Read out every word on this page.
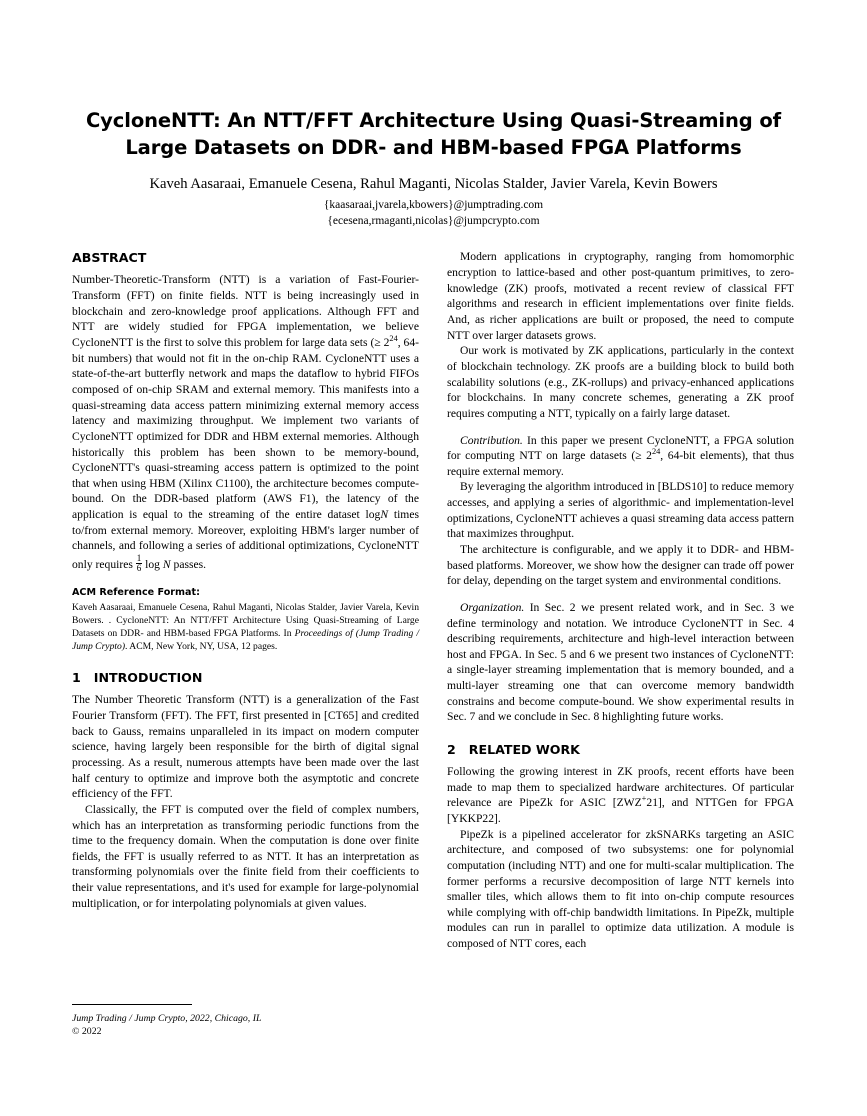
CycloneNTT: An NTT/FFT Architecture Using Quasi-Streaming of Large Datasets on DDR- and HBM-based FPGA Platforms
Kaveh Aasaraai, Emanuele Cesena, Rahul Maganti, Nicolas Stalder, Javier Varela, Kevin Bowers
{kaasaraai,jvarela,kbowers}@jumptrading.com
{ecesena,rmaganti,nicolas}@jumpcrypto.com
ABSTRACT

Number-Theoretic-Transform (NTT) is a variation of Fast-Fourier-Transform (FFT) on finite fields. NTT is being increasingly used in blockchain and zero-knowledge proof applications. Although FFT and NTT are widely studied for FPGA implementation, we believe CycloneNTT is the first to solve this problem for large data sets (≥ $2^{24}$, 64-bit numbers) that would not fit in the on-chip RAM. CycloneNTT uses a state-of-the-art butterfly network and maps the dataflow to hybrid FIFOs composed of on-chip SRAM and external memory. This manifests into a quasi-streaming data access pattern minimizing external memory access latency and maximizing throughput. We implement two variants of CycloneNTT optimized for DDR and HBM external memories. Although historically this problem has been shown to be memory-bound, CycloneNTT's quasi-streaming access pattern is optimized to the point that when using HBM (Xilinx C1100), the architecture becomes compute-bound. On the DDR-based platform (AWS F1), the latency of the application is equal to the streaming of the entire dataset logN times to/from external memory. Moreover, exploiting HBM's larger number of channels, and following a series of additional optimizations, CycloneNTT only requires $\frac{1}{6}$ log N passes.

ACM Reference Format:
Kaveh Aasaraai, Emanuele Cesena, Rahul Maganti, Nicolas Stalder, Javier Varela, Kevin Bowers. . CycloneNTT: An NTT/FFT Architecture Using Quasi-Streaming of Large Datasets on DDR- and HBM-based FPGA Platforms. In Proceedings of (Jump Trading / Jump Crypto). ACM, New York, NY, USA, 12 pages.
1 INTRODUCTION

The Number Theoretic Transform (NTT) is a generalization of the Fast Fourier Transform (FFT). The FFT, first presented in [CT65] and credited back to Gauss, remains unparalleled in its impact on modern computer science, having largely been responsible for the birth of digital signal processing. As a result, numerous attempts have been made over the last half century to optimize and improve both the asymptotic and concrete efficiency of the FFT.

Classically, the FFT is computed over the field of complex numbers, which has an interpretation as transforming periodic functions from the time to the frequency domain. When the computation is done over finite fields, the FFT is usually referred to as NTT. It has an interpretation as transforming polynomials over the finite field from their coefficients to their value representations, and it's used for example for large-polynomial multiplication, or for interpolating polynomials at given values.

Modern applications in cryptography, ranging from homomorphic encryption to lattice-based and other post-quantum primitives, to zero-knowledge (ZK) proofs, motivated a recent review of classical FFT algorithms and research in efficient implementations over finite fields. And, as richer applications are built or proposed, the need to compute NTT over larger datasets grows.

Our work is motivated by ZK applications, particularly in the context of blockchain technology. ZK proofs are a building block to build both scalability solutions (e.g., ZK-rollups) and privacy-enhanced applications for blockchains. In many concrete schemes, generating a ZK proof requires computing a NTT, typically on a fairly large dataset.

Contribution. In this paper we present CycloneNTT, a FPGA solution for computing NTT on large datasets (≥ $2^{24}$, 64-bit elements), that thus require external memory.

By leveraging the algorithm introduced in [BLDS10] to reduce memory accesses, and applying a series of algorithmic- and implementation-level optimizations, CycloneNTT achieves a quasi streaming data access pattern that maximizes throughput.

The architecture is configurable, and we apply it to DDR- and HBM-based platforms. Moreover, we show how the designer can trade off power for delay, depending on the target system and environmental conditions.

Organization. In Sec. 2 we present related work, and in Sec. 3 we define terminology and notation. We introduce CycloneNTT in Sec. 4 describing requirements, architecture and high-level interaction between host and FPGA. In Sec. 5 and 6 we present two instances of CycloneNTT: a single-layer streaming implementation that is memory bounded, and a multi-layer streaming one that can overcome memory bandwidth constrains and become compute-bound. We show experimental results in Sec. 7 and we conclude in Sec. 8 highlighting future works.

2 RELATED WORK

Following the growing interest in ZK proofs, recent efforts have been made to map them to specialized hardware architectures. Of particular relevance are PipeZk for ASIC [ZWZ+21], and NTTGen for FPGA [YKKP22].

PipeZk is a pipelined accelerator for zkSNARKs targeting an ASIC architecture, and composed of two subsystems: one for polynomial computation (including NTT) and one for multi-scalar multiplication. The former performs a recursive decomposition of large NTT kernels into smaller tiles, which allows them to fit into on-chip compute resources while complying with off-chip bandwidth limitations. In PipeZk, multiple modules can run in parallel to optimize data utilization. A module is composed of NTT cores, each

Jump Trading / Jump Crypto, 2022, Chicago, IL
© 2022
